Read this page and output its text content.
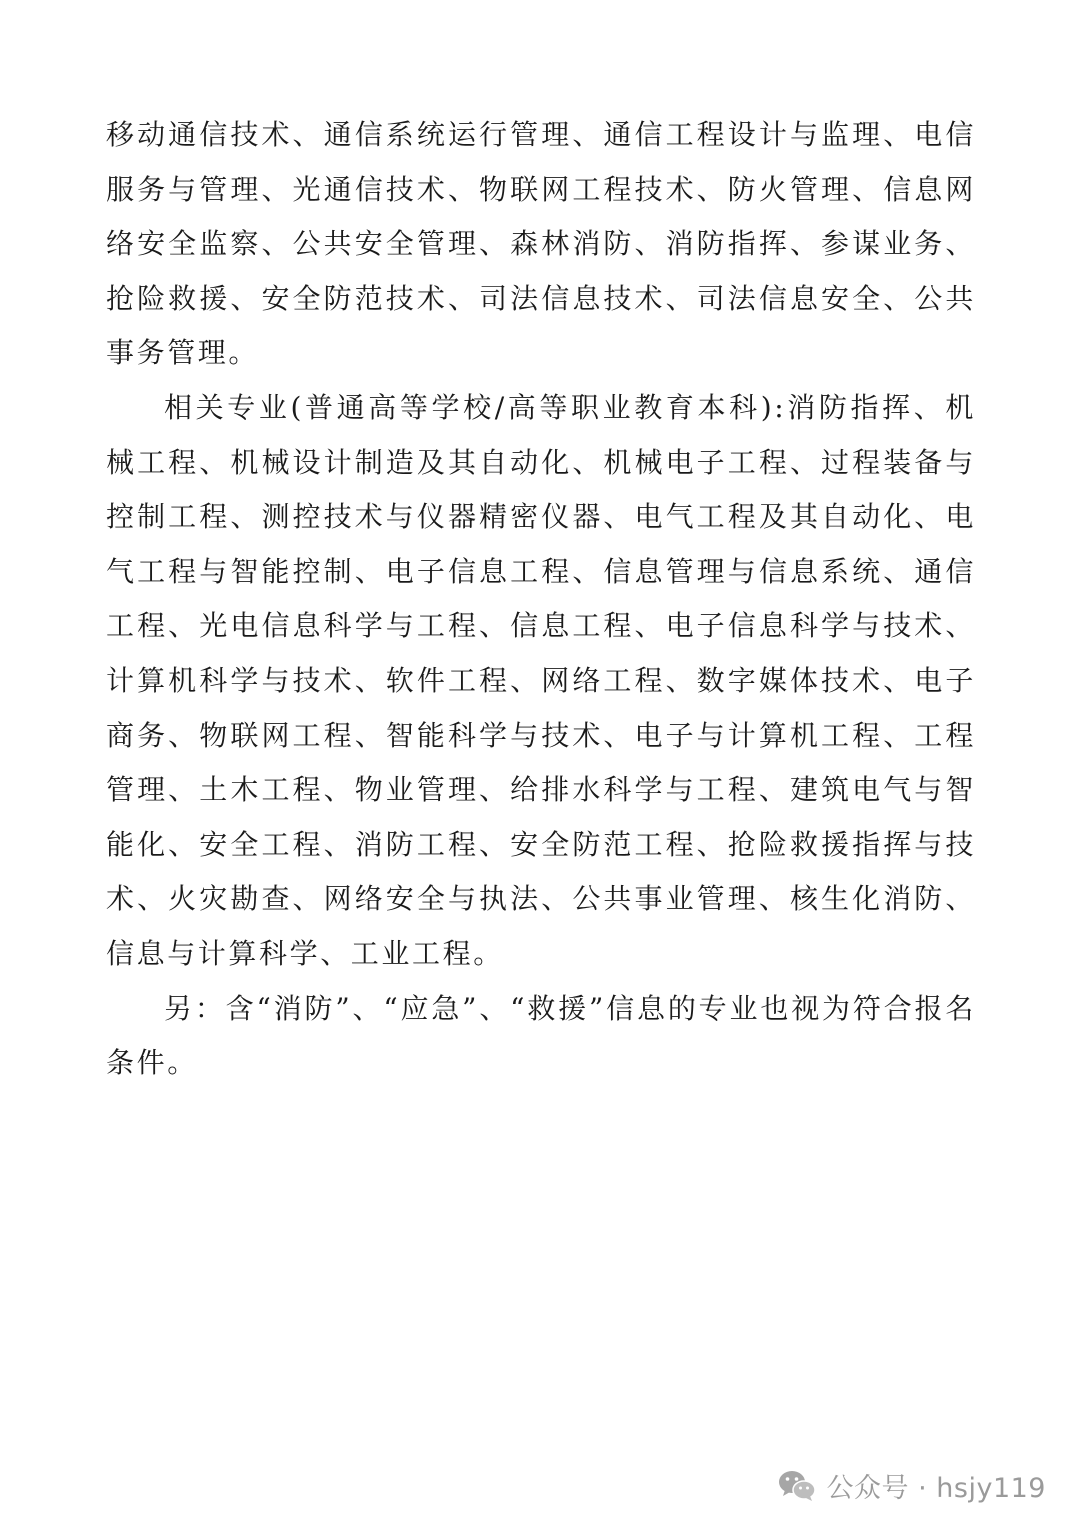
移动通信技术、通信系统运行管理、通信工程设计与监理、电信服务与管理、光通信技术、物联网工程技术、防火管理、信息网络安全监察、公共安全管理、森林消防、消防指挥、参谋业务、抢险救援、安全防范技术、司法信息技术、司法信息安全、公共事务管理。

相关专业(普通高等学校/高等职业教育本科):消防指挥、机械工程、机械设计制造及其自动化、机械电子工程、过程装备与控制工程、测控技术与仪器精密仪器、电气工程及其自动化、电气工程与智能控制、电子信息工程、信息管理与信息系统、通信工程、光电信息科学与工程、信息工程、电子信息科学与技术、计算机科学与技术、软件工程、网络工程、数字媒体技术、电子商务、物联网工程、智能科学与技术、电子与计算机工程、工程管理、土木工程、物业管理、给排水科学与工程、建筑电气与智能化、安全工程、消防工程、安全防范工程、抢险救援指挥与技术、火灾勘查、网络安全与执法、公共事业管理、核生化消防、信息与计算科学、工业工程。

另：含“消防”、“应急”、“救援”信息的专业也视为符合报名条件。

公众号 · hsjy119
